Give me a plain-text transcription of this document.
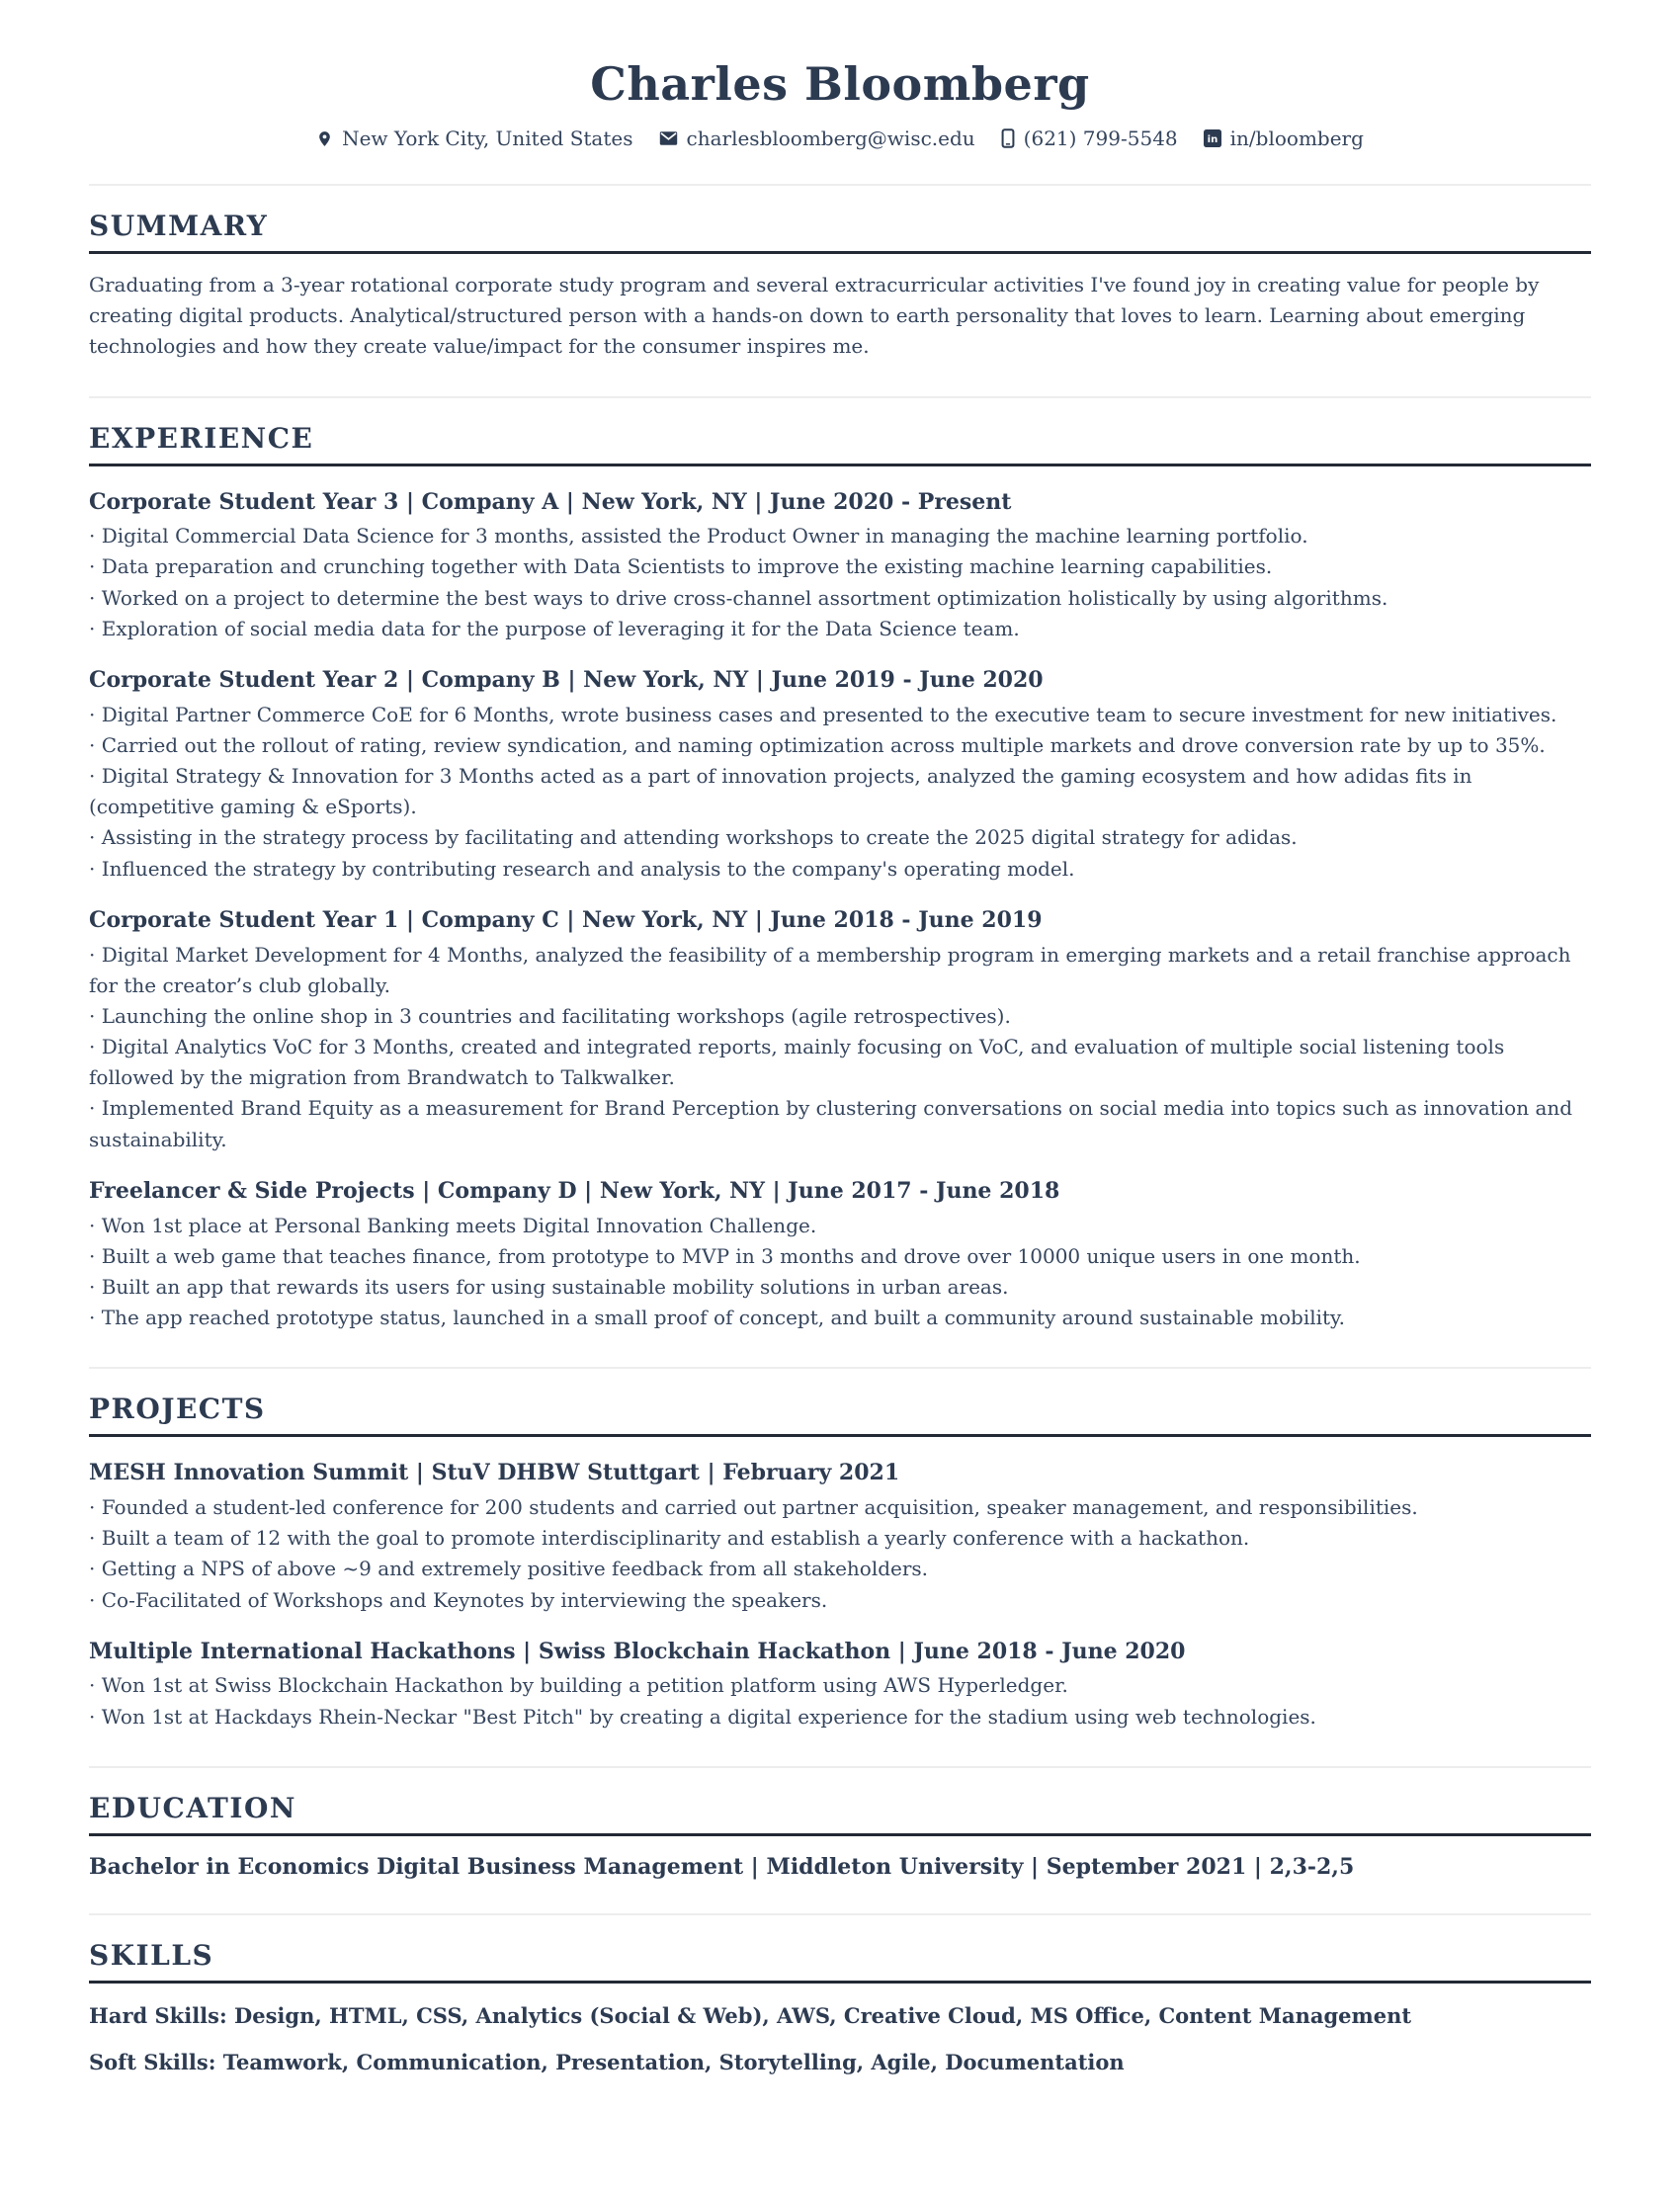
Charles Bloomberg
New York City, United States	charlesbloomberg@wisc.edu (621) 799-5548 in in/bloomberg
SUMMARY

Graduating from a 3-year rotational corporate study program and several extracurricular activities I've found joy in creating value for people by creating digital products. Analytical/structured person with a hands-on down to earth personality that loves to learn. Learning about emerging technologies and how they create value/impact for the consumer inspires me.

EXPERIENCE
Corporate Student Year 3 | Company A | New York, NY | June 2020 - Present
· Digital Commercial Data Science for 3 months, assisted the Product Owner in managing the machine learning portfolio.
· Data preparation and crunching together with Data Scientists to improve the existing machine learning capabilities.
· Worked on a project to determine the best ways to drive cross-channel assortment optimization holistically by using algorithms.
· Exploration of social media data for the purpose of leveraging it for the Data Science team.
Corporate Student Year 2 | Company B | New York, NY | June 2019 - June 2020
· Digital Partner Commerce CoE for 6 Months, wrote business cases and presented to the executive team to secure investment for new initiatives.
· Carried out the rollout of rating, review syndication, and naming optimization across multiple markets and drove conversion rate by up to 35%.
· Digital Strategy & Innovation for 3 Months acted as a part of innovation projects, analyzed the gaming ecosystem and how adidas fits in (competitive gaming & eSports).
· Assisting in the strategy process by facilitating and attending workshops to create the 2025 digital strategy for adidas.
· Influenced the strategy by contributing research and analysis to the company's operating model.
Corporate Student Year 1 | Company C | New York, NY | June 2018 - June 2019
· Digital Market Development for 4 Months, analyzed the feasibility of a membership program in emerging markets and a retail franchise approach for the creator’s club globally.
· Launching the online shop in 3 countries and facilitating workshops (agile retrospectives).
· Digital Analytics VoC for 3 Months, created and integrated reports, mainly focusing on VoC, and evaluation of multiple social listening tools followed by the migration from Brandwatch to Talkwalker.
· Implemented Brand Equity as a measurement for Brand Perception by clustering conversations on social media into topics such as innovation and sustainability.
Freelancer & Side Projects | Company D | New York, NY | June 2017 - June 2018
· Won 1st place at Personal Banking meets Digital Innovation Challenge.
· Built a web game that teaches finance, from prototype to MVP in 3 months and drove over 10000 unique users in one month.
· Built an app that rewards its users for using sustainable mobility solutions in urban areas.
· The app reached prototype status, launched in a small proof of concept, and built a community around sustainable mobility.
PROJECTS
MESH Innovation Summit | StuV DHBW Stuttgart | February 2021
· Founded a student-led conference for 200 students and carried out partner acquisition, speaker management, and responsibilities.
· Built a team of 12 with the goal to promote interdisciplinarity and establish a yearly conference with a hackathon.
· Getting a NPS of above ~9 and extremely positive feedback from all stakeholders.
· Co-Facilitated of Workshops and Keynotes by interviewing the speakers.
Multiple International Hackathons | Swiss Blockchain Hackathon | June 2018 - June 2020
· Won 1st at Swiss Blockchain Hackathon by building a petition platform using AWS Hyperledger.
· Won 1st at Hackdays Rhein-Neckar "Best Pitch" by creating a digital experience for the stadium using web technologies.
EDUCATION
Bachelor in Economics Digital Business Management | Middleton University | September 2021 | 2,3-2,5
SKILLS
Hard Skills: Design, HTML, CSS, Analytics (Social & Web), AWS, Creative Cloud, MS Office, Content Management
Soft Skills: Teamwork, Communication, Presentation, Storytelling, Agile, Documentation
